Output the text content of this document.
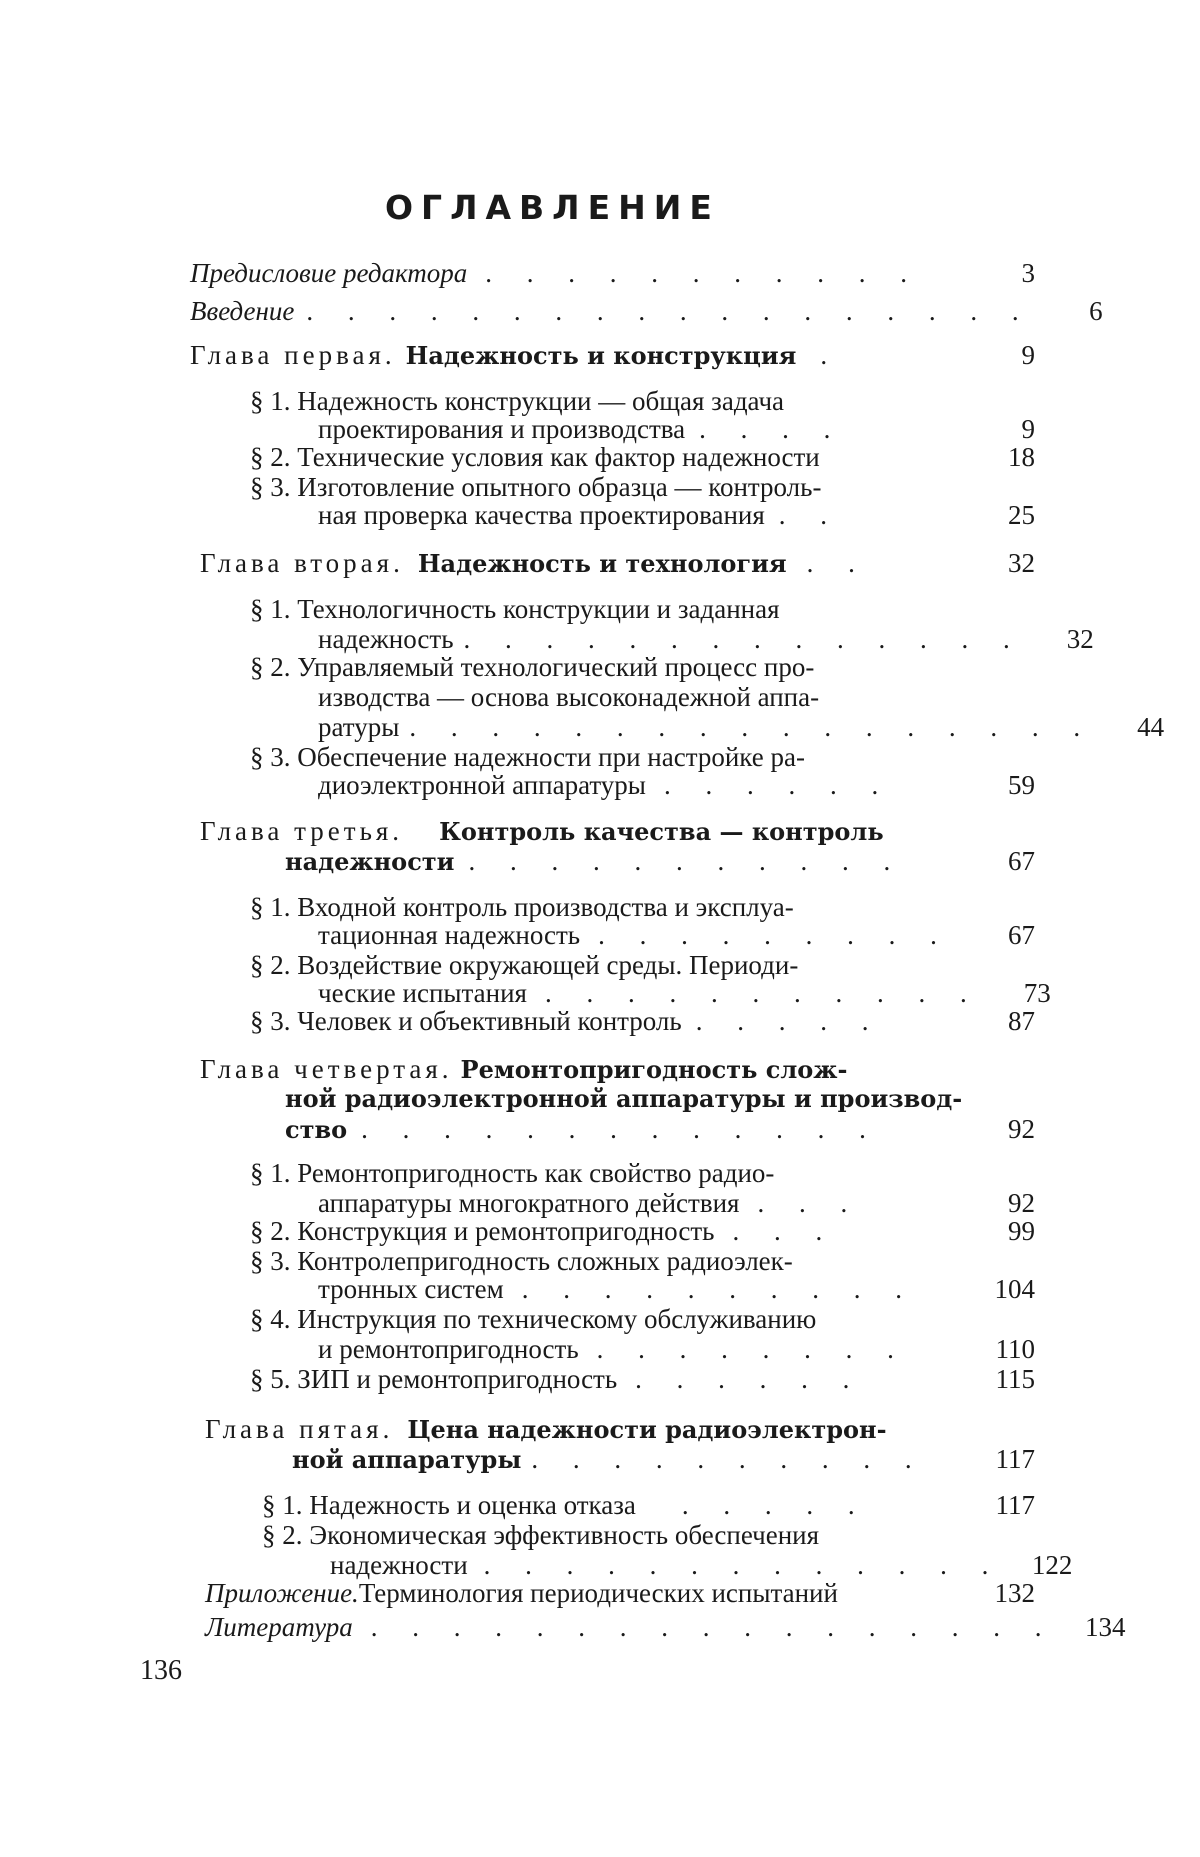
ОГЛАВЛЕНИЕ
Предисловие редактора . . . . . . . . . . .	3
Введение . . . . . . . . . . . . . . . . . .	6
Глава первая. Надежность и конструкция .	9
§ 1. Надежность конструкции — общая задача
проектирования и производства . . . .	9
§ 2. Технические условия как фактор надежности	18
§ 3. Изготовление опытного образца — контроль-
ная проверка качества проектирования . .	25
Глава вторая. Надежность и технология . .	32
§ 1. Технологичность конструкции и заданная
надежность . . . . . . . . . . . . . .	32
§ 2. Управляемый технологический процесс про-
изводства — основа высоконадежной аппа-
ратуры . . . . . . . . . . . . . . . . .	44
§ 3. Обеспечение надежности при настройке ра-
диоэлектронной аппаратуры . . . . . .	59
Глава третья.	Контроль качества — контроль
надежности . . . . . . . . . . .	67
§ 1. Входной контроль производства и эксплуа-
тационная надежность . . . . . . . . .	67
§ 2. Воздействие окружающей среды. Периоди-
ческие испытания . . . . . . . . . . .	73
§ 3. Человек и объективный контроль . . . . .	87
Глава четвертая. Ремонтопригодность слож-
ной радиоэлектронной аппаратуры и производ-
ство . . . . . . . . . . . . .	92
§ 1. Ремонтопригодность как свойство радио-
аппаратуры многократного действия . . .	92
§ 2. Конструкция и ремонтопригодность . . .	99
§ 3. Контролепригодность сложных радиоэлек-
тронных систем . . . . . . . . . .	104
§ 4. Инструкция по техническому обслуживанию
и ремонтопригодность . . . . . . . .	110
§ 5. ЗИП и ремонтопригодность . . . . . .	115
Глава пятая. Цена надежности радиоэлектрон-
ной аппаратуры . . . . . . . . . .	117
§ 1. Надежность и оценка отказа	. . . . .	117
§ 2. Экономическая эффективность обеспечения
надежности . . . . . . . . . . . . .	122
Приложение. Терминология периодических испытаний	132
Литература . . . . . . . . . . . . . . . . .	134
136
